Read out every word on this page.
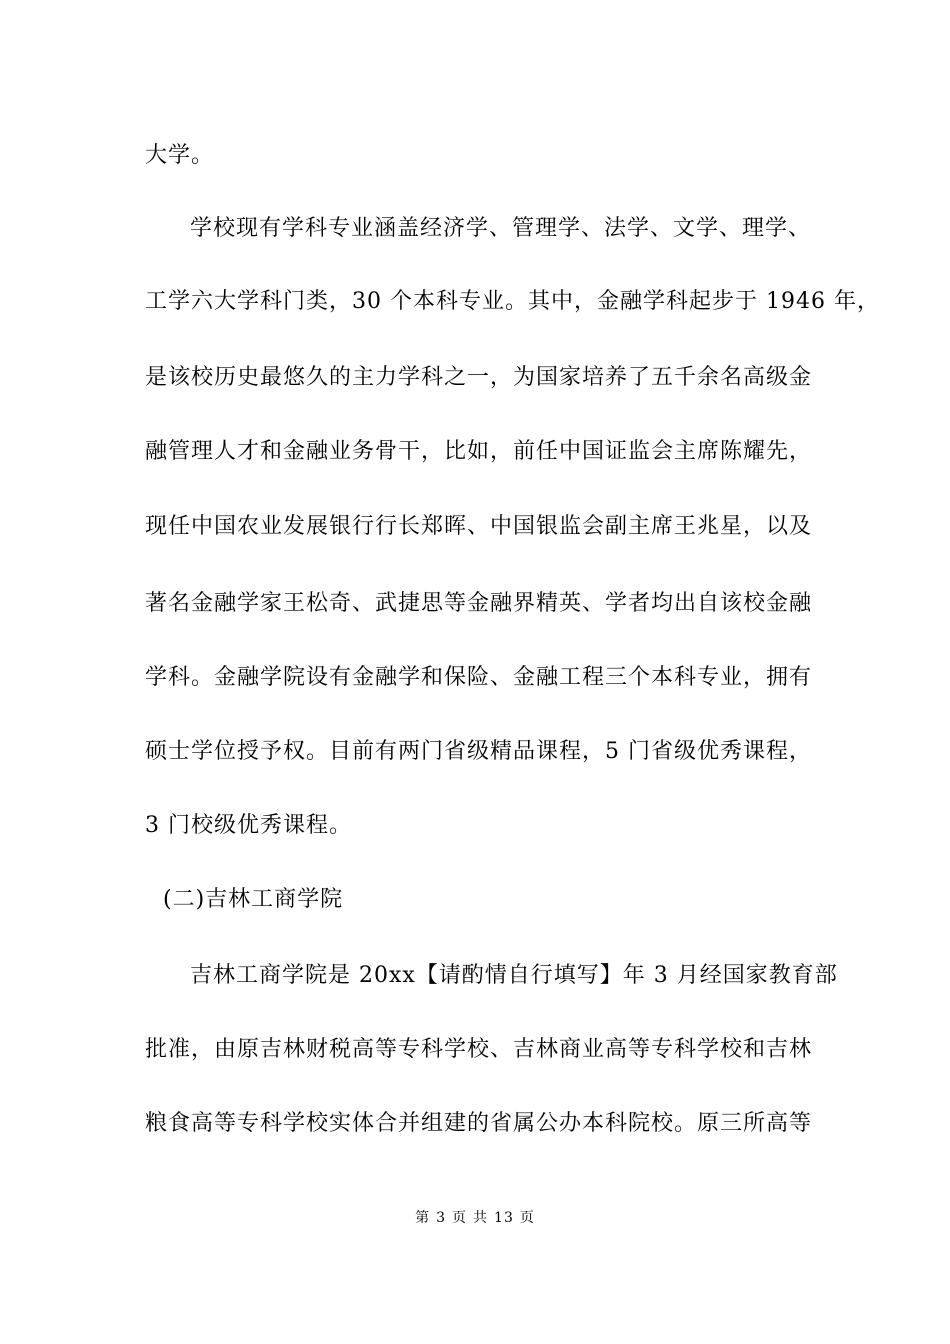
大学。
学校现有学科专业涵盖经济学、管理学、法学、文学、理学、
工学六大学科门类，30 个本科专业。其中，金融学科起步于 1946 年，
是该校历史最悠久的主力学科之一，为国家培养了五千余名高级金
融管理人才和金融业务骨干，比如，前任中国证监会主席陈耀先，
现任中国农业发展银行行长郑晖、中国银监会副主席王兆星，以及
著名金融学家王松奇、武捷思等金融界精英、学者均出自该校金融
学科。金融学院设有金融学和保险、金融工程三个本科专业，拥有
硕士学位授予权。目前有两门省级精品课程，5 门省级优秀课程，
3 门校级优秀课程。
(二)吉林工商学院
吉林工商学院是 20xx【请酌情自行填写】年 3 月经国家教育部
批准，由原吉林财税高等专科学校、吉林商业高等专科学校和吉林
粮食高等专科学校实体合并组建的省属公办本科院校。原三所高等
第 3 页 共 13 页
